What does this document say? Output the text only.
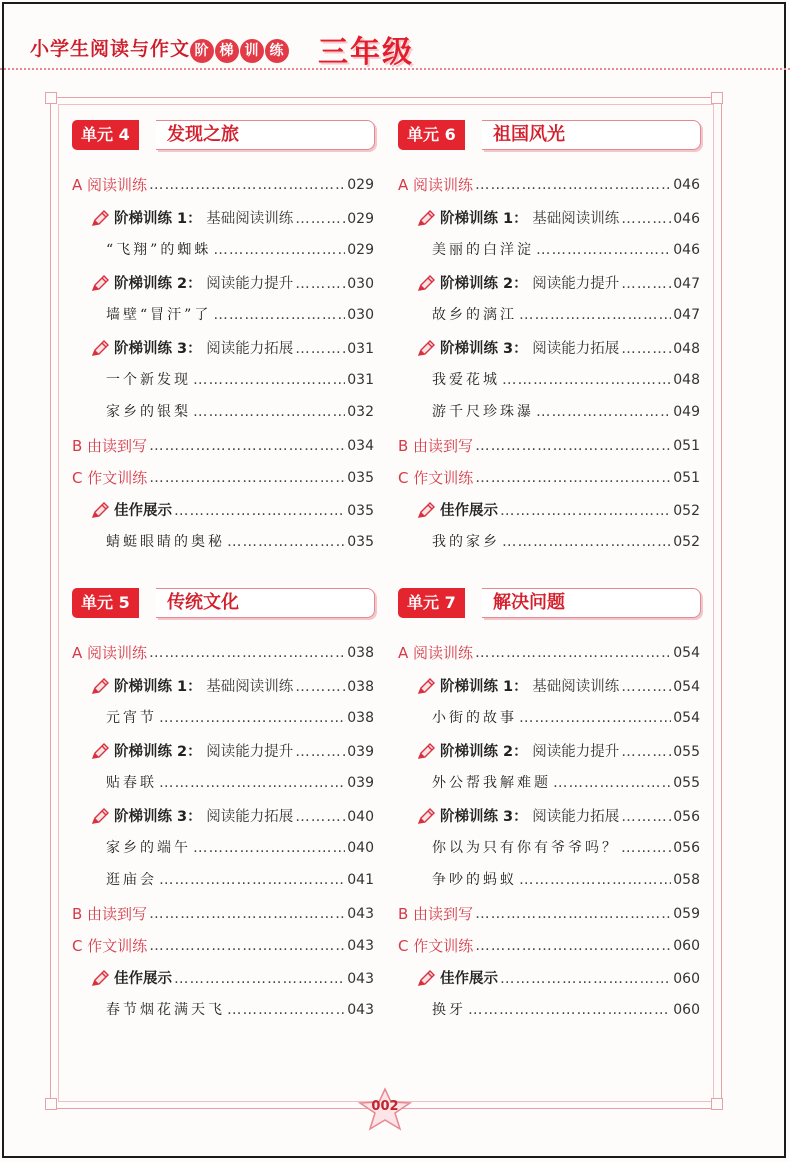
小学生阅读与作文 阶 梯 训 练 三年级
单元 4	发现之旅
A 阅读训练 ……………………………………………………………………………………	029
阶梯训练 1： 基础阅读训练 ……………………………………………………………………………………	029
“飞翔”的蜘蛛 ……………………………………………………………………………………	029
阶梯训练 2： 阅读能力提升 ……………………………………………………………………………………	030
墙壁“冒汗”了 ……………………………………………………………………………………	030
阶梯训练 3： 阅读能力拓展 ……………………………………………………………………………………	031
一个新发现 ……………………………………………………………………………………	031
家乡的银梨 ……………………………………………………………………………………	032
B 由读到写 ……………………………………………………………………………………	034
C 作文训练 ……………………………………………………………………………………	035
佳作展示 ……………………………………………………………………………………	035
蜻蜓眼睛的奥秘 ……………………………………………………………………………………	035
单元 6	祖国风光
A 阅读训练 ……………………………………………………………………………………	046
阶梯训练 1： 基础阅读训练 ……………………………………………………………………………………	046
美丽的白洋淀 ……………………………………………………………………………………	046
阶梯训练 2： 阅读能力提升 ……………………………………………………………………………………	047
故乡的漓江 ……………………………………………………………………………………	047
阶梯训练 3： 阅读能力拓展 ……………………………………………………………………………………	048
我爱花城 ……………………………………………………………………………………	048
游千尺珍珠瀑 ……………………………………………………………………………………	049
B 由读到写 ……………………………………………………………………………………	051
C 作文训练 ……………………………………………………………………………………	051
佳作展示 ……………………………………………………………………………………	052
我的家乡 ……………………………………………………………………………………	052
单元 5	传统文化
A 阅读训练 ……………………………………………………………………………………	038
阶梯训练 1： 基础阅读训练 ……………………………………………………………………………………	038
元宵节 ……………………………………………………………………………………	038
阶梯训练 2： 阅读能力提升 ……………………………………………………………………………………	039
贴春联 ……………………………………………………………………………………	039
阶梯训练 3： 阅读能力拓展 ……………………………………………………………………………………	040
家乡的端午 ……………………………………………………………………………………	040
逛庙会 ……………………………………………………………………………………	041
B 由读到写 ……………………………………………………………………………………	043
C 作文训练 ……………………………………………………………………………………	043
佳作展示 ……………………………………………………………………………………	043
春节烟花满天飞 ……………………………………………………………………………………	043
单元 7	解决问题
A 阅读训练 ……………………………………………………………………………………	054
阶梯训练 1： 基础阅读训练 ……………………………………………………………………………………	054
小街的故事 ……………………………………………………………………………………	054
阶梯训练 2： 阅读能力提升 ……………………………………………………………………………………	055
外公帮我解难题 ……………………………………………………………………………………	055
阶梯训练 3： 阅读能力拓展 ……………………………………………………………………………………	056
你以为只有你有爷爷吗？ ……………………………………………………………………………………	056
争吵的蚂蚁 ……………………………………………………………………………………	058
B 由读到写 ……………………………………………………………………………………	059
C 作文训练 ……………………………………………………………………………………	060
佳作展示 ……………………………………………………………………………………	060
换牙 ……………………………………………………………………………………	060
002
